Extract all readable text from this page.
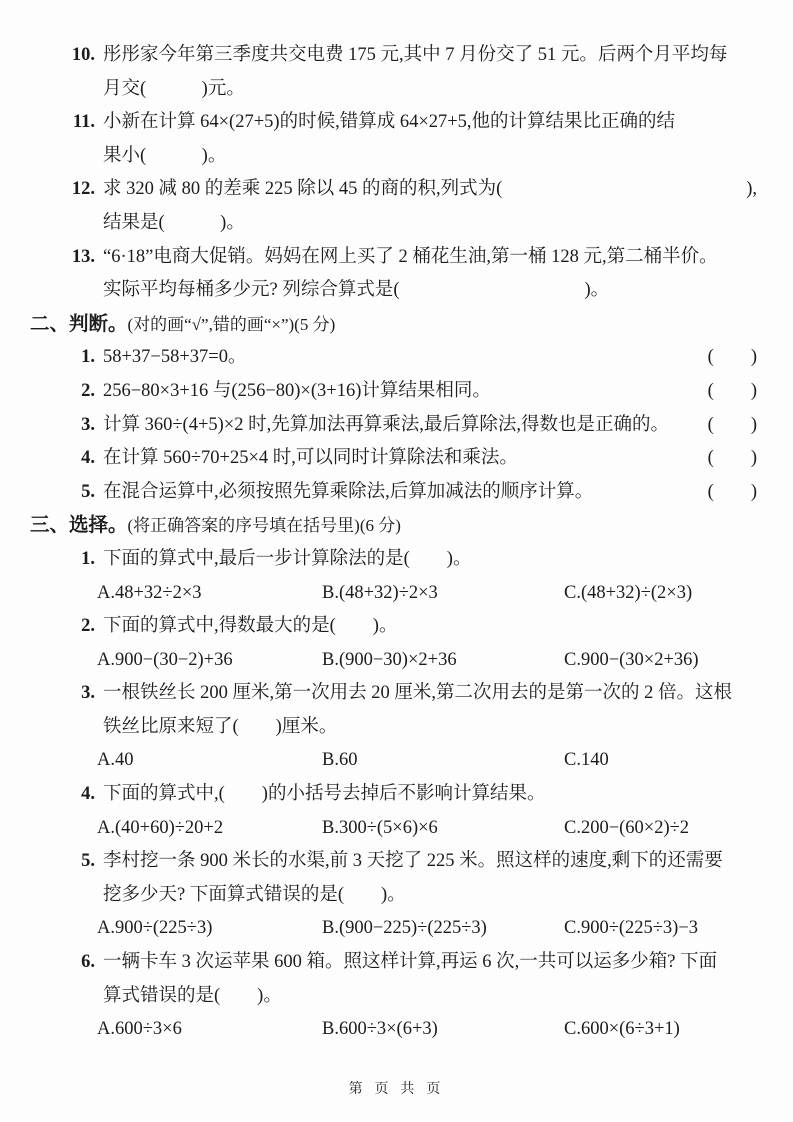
10. 彤彤家今年第三季度共交电费 175 元,其中 7 月份交了 51 元。后两个月平均每
月交(　　　)元。
11. 小新在计算 64×(27+5)的时候,错算成 64×27+5,他的计算结果比正确的结
果小(　　　)。
12. 求 320 减 80 的差乘 225 除以 45 的商的积,列式为(	),
结果是(　　　)。
13. “6·18”电商大促销。妈妈在网上买了 2 桶花生油,第一桶 128 元,第二桶半价。
实际平均每桶多少元? 列综合算式是(　　　　　　　　　　)。
二、判断。(对的画“√”,错的画“×”)(5 分)
1. 58+37−58+37=0。	(　　)
2. 256−80×3+16 与(256−80)×(3+16)计算结果相同。	(　　)
3. 计算 360÷(4+5)×2 时,先算加法再算乘法,最后算除法,得数也是正确的。 (　　)
4. 在计算 560÷70+25×4 时,可以同时计算除法和乘法。	(　　)
5. 在混合运算中,必须按照先算乘除法,后算加减法的顺序计算。	(　　)
三、选择。(将正确答案的序号填在括号里)(6 分)
1. 下面的算式中,最后一步计算除法的是(　　)。
A.48+32÷2×3	B.(48+32)÷2×3	C.(48+32)÷(2×3)
2. 下面的算式中,得数最大的是(　　)。
A.900−(30−2)+36	B.(900−30)×2+36	C.900−(30×2+36)
3. 一根铁丝长 200 厘米,第一次用去 20 厘米,第二次用去的是第一次的 2 倍。这根
铁丝比原来短了(　　)厘米。
A.40	B.60	C.140
4. 下面的算式中,(　　)的小括号去掉后不影响计算结果。
A.(40+60)÷20+2	B.300÷(5×6)×6	C.200−(60×2)÷2
5. 李村挖一条 900 米长的水渠,前 3 天挖了 225 米。照这样的速度,剩下的还需要
挖多少天? 下面算式错误的是(　　)。
A.900÷(225÷3)	B.(900−225)÷(225÷3)	C.900÷(225÷3)−3
6. 一辆卡车 3 次运苹果 600 箱。照这样计算,再运 6 次,一共可以运多少箱? 下面
算式错误的是(　　)。
A.600÷3×6	B.600÷3×(6+3)	C.600×(6÷3+1)
第 页 共 页
